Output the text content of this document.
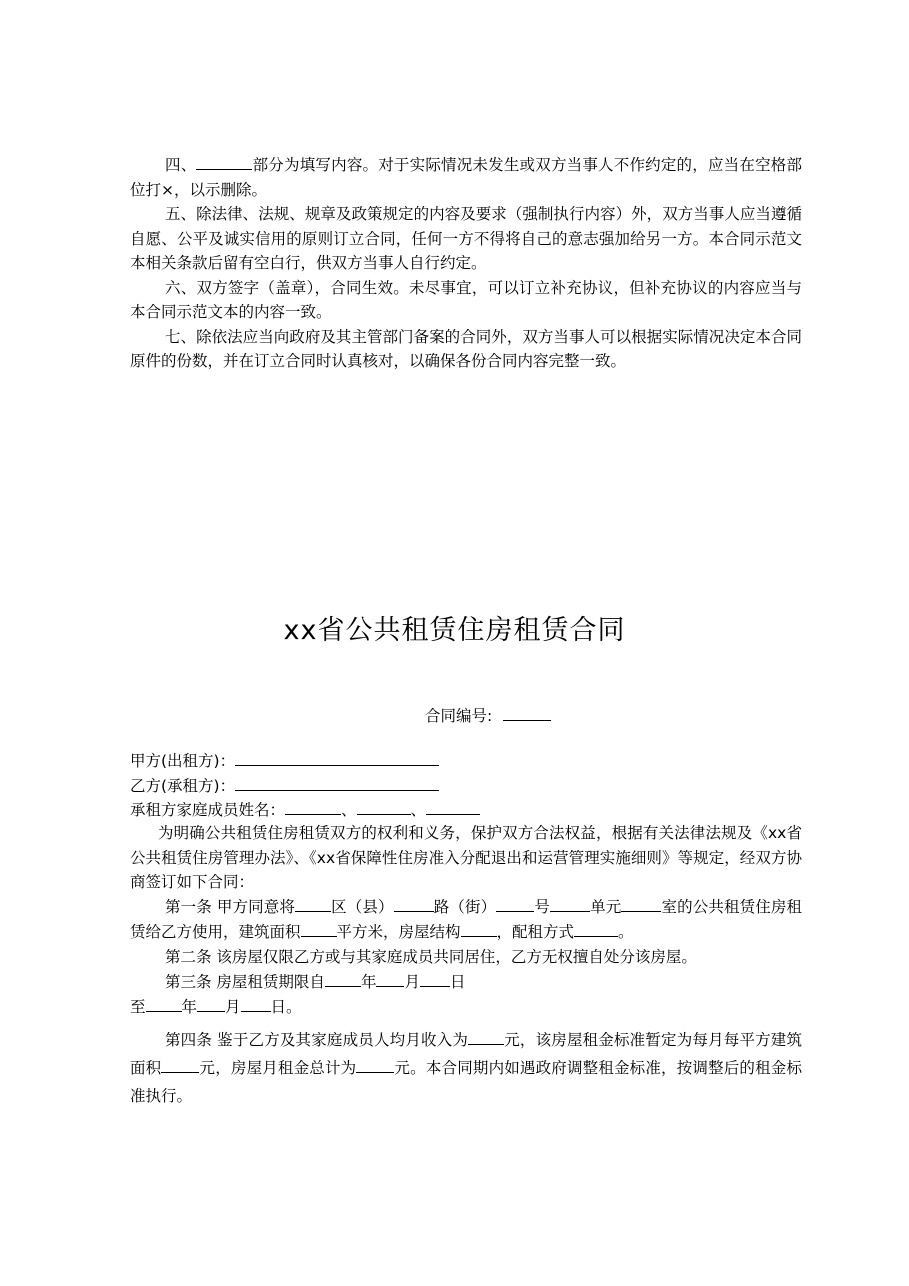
四、	部分为填写内容。对于实际情况未发生或双方当事人不作约定的，应当在空格部位打×，以示删除。

五、除法律、法规、规章及政策规定的内容及要求（强制执行内容）外，双方当事人应当遵循自愿、公平及诚实信用的原则订立合同，任何一方不得将自己的意志强加给另一方。本合同示范文本相关条款后留有空白行，供双方当事人自行约定。

六、双方签字（盖章），合同生效。未尽事宜，可以订立补充协议，但补充协议的内容应当与本合同示范文本的内容一致。

七、除依法应当向政府及其主管部门备案的合同外，双方当事人可以根据实际情况决定本合同原件的份数，并在订立合同时认真核对，以确保各份合同内容完整一致。

xx省公共租赁住房租赁合同
合同编号:
甲方(出租方)：
乙方(承租方)：
承租方家庭成员姓名：	、	、

为明确公共租赁住房租赁双方的权利和义务，保护双方合法权益，根据有关法律法规及《xx省公共租赁住房管理办法》、《xx省保障性住房准入分配退出和运营管理实施细则》等规定，经双方协商签订如下合同：

第一条 甲方同意将 区（县）	路（街） 号	单元	室的公共租赁住房租赁给乙方使用，建筑面积 平方米，房屋结构 ，配租方式	。

第二条 该房屋仅限乙方或与其家庭成员共同居住，乙方无权擅自处分该房屋。

第三条 房屋租赁期限自 年 月 日

至 年 月 日。

第四条 鉴于乙方及其家庭成员人均月收入为 元，该房屋租金标准暂定为每月每平方建筑面积 元，房屋月租金总计为 元。本合同期内如遇政府调整租金标准，按调整后的租金标准执行。
